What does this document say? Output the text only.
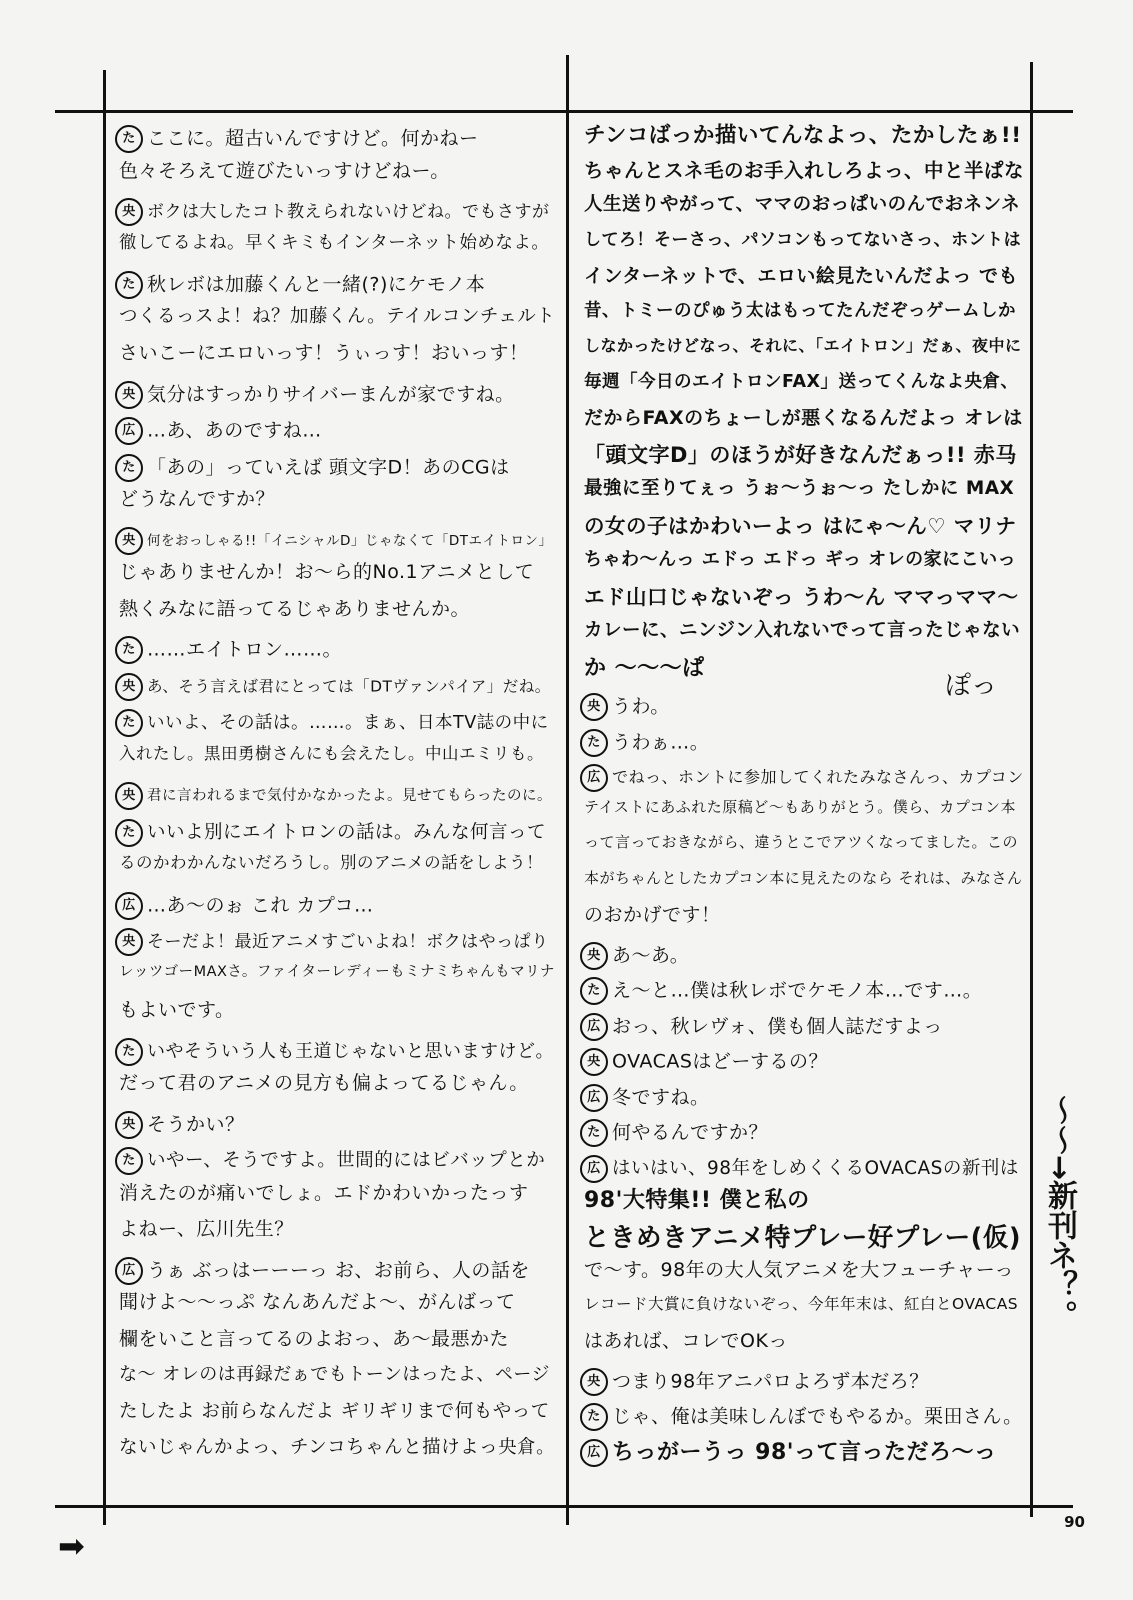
た ここに。超古いんですけど。何かねー
色々そろえて遊びたいっすけどねー。
央 ボクは大したコト教えられないけどね。でもさすが
徹してるよね。早くキミもインターネット始めなよ。
た 秋レボは加藤くんと一緒(?)にケモノ本
つくるっスよ！ね？加藤くん。テイルコンチェルト
さいこーにエロいっす！うぃっす！おいっす！
央 気分はすっかりサイバーまんが家ですね。
広 …あ、あのですね…
た 「あの」っていえば 頭文字D！あのCGは
どうなんですか？
央 何をおっしゃる!!「イニシャルD」じゃなくて「DTエイトロン」
じゃありませんか！お～ら的No.1アニメとして
熱くみなに語ってるじゃありませんか。
た ……エイトロン……。
央 あ、そう言えば君にとっては「DTヴァンパイア」だね。
た いいよ、その話は。……。まぁ、日本TV誌の中に
入れたし。黒田勇樹さんにも会えたし。中山エミリも。
央 君に言われるまで気付かなかったよ。見せてもらったのに。
た いいよ別にエイトロンの話は。みんな何言って
るのかわかんないだろうし。別のアニメの話をしよう！
広 …あ～のぉ これ カプコ…
央 そーだよ！最近アニメすごいよね！ボクはやっぱり
レッツゴーMAXさ。ファイターレディーもミナミちゃんもマリナ
もよいです。
た いやそういう人も王道じゃないと思いますけど。
だって君のアニメの見方も偏よってるじゃん。
央 そうかい？
た いやー、そうですよ。世間的にはビバップとか
消えたのが痛いでしょ。エドかわいかったっす
よねー、広川先生？
広 うぁ ぶっはーーーっ お、お前ら、人の話を
聞けよ～～っぷ なんあんだよ～、がんばって
欄をいこと言ってるのよおっ、あ～最悪かた
な～ オレのは再録だぁでもトーンはったよ、ページ
たしたよ お前らなんだよ ギリギリまで何もやって
ないじゃんかよっ、チンコちゃんと描けよっ央倉。
チンコばっか描いてんなよっ、たかしたぁ!!
ちゃんとスネ毛のお手入れしろよっ、中と半ぱな
人生送りやがって、ママのおっぱいのんでおネンネ
してろ！そーさっ、パソコンもってないさっ、ホントは
インターネットで、エロい絵見たいんだよっ でも
昔、トミーのぴゅう太はもってたんだぞっゲームしか
しなかったけどなっ、それに、「エイトロン」だぁ、夜中に
毎週「今日のエイトロンFAX」送ってくんなよ央倉、
だからFAXのちょーしが悪くなるんだよっ オレは
「頭文字D」のほうが好きなんだぁっ!! 赤马
最強に至りてぇっ うぉ～うぉ～っ たしかに MAX
の女の子はかわいーよっ はにゃ～ん♡ マリナ
ちゃわ～んっ エドっ エドっ ギっ オレの家にこいっ
エド山口じゃないぞっ うわ～ん ママっママ～
カレーに、ニンジン入れないでって言ったじゃない
か ～～～ぱ
央 うわ。
た うわぁ…。
広 でねっ、ホントに参加してくれたみなさんっ、カプコン
テイストにあふれた原稿ど～もありがとう。僕ら、カプコン本
って言っておきながら、違うとこでアツくなってました。この
本がちゃんとしたカプコン本に見えたのなら それは、みなさん
のおかげです！
央 あ～あ。
た え～と…僕は秋レボでケモノ本…です…。
広 おっ、秋レヴォ、僕も個人誌だすよっ
央 OVACASはどーするの？
広 冬ですね。
た 何やるんですか？
広 はいはい、98年をしめくくるOVACASの新刊は
98'大特集!! 僕と私の
ときめきアニメ特プレー好プレー(仮)
で～す。98年の大人気アニメを大フューチャーっ
レコード大賞に負けないぞっ、今年年末は、紅白とOVACAS
はあれば、コレでOKっ
央 つまり98年アニパロよろず本だろ？
た じゃ、俺は美味しんぼでもやるか。栗田さん。
広 ちっがーうっ 98'って言っただろ～っ
～～→新刊ネ？。
ぽっ
90
➡
